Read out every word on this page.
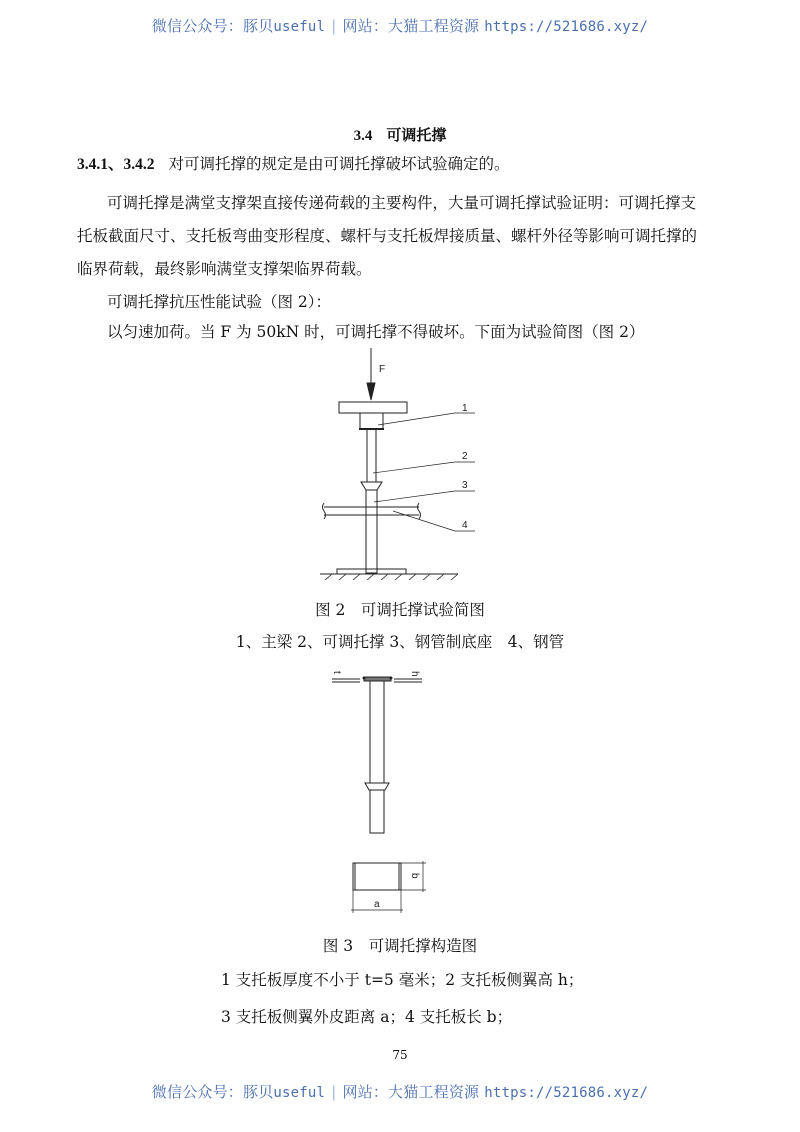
微信公众号：豚贝useful | 网站：大猫工程资源 https://521686.xyz/
3.4 可调托撑
3.4.1、3.4.2 对可调托撑的规定是由可调托撑破坏试验确定的。
可调托撑是满堂支撑架直接传递荷载的主要构件，大量可调托撑试验证明：可调托撑支
托板截面尺寸、支托板弯曲变形程度、螺杆与支托板焊接质量、螺杆外径等影响可调托撑的
临界荷载，最终影响满堂支撑架临界荷载。
可调托撑抗压性能试验（图 2）：
以匀速加荷。当 F 为 50kN 时，可调托撑不得破坏。下面为试验简图（图 2）
F
1
2
3
4
图 2　可调托撑试验简图
1、主梁 2、可调托撑 3、钢管制底座　4、钢管
t	h
a
b
图 3　可调托撑构造图
1 支托板厚度不小于 t=5 毫米；2 支托板侧翼高 h；
3 支托板侧翼外皮距离 a；4 支托板长 b；
75
微信公众号：豚贝useful | 网站：大猫工程资源 https://521686.xyz/
